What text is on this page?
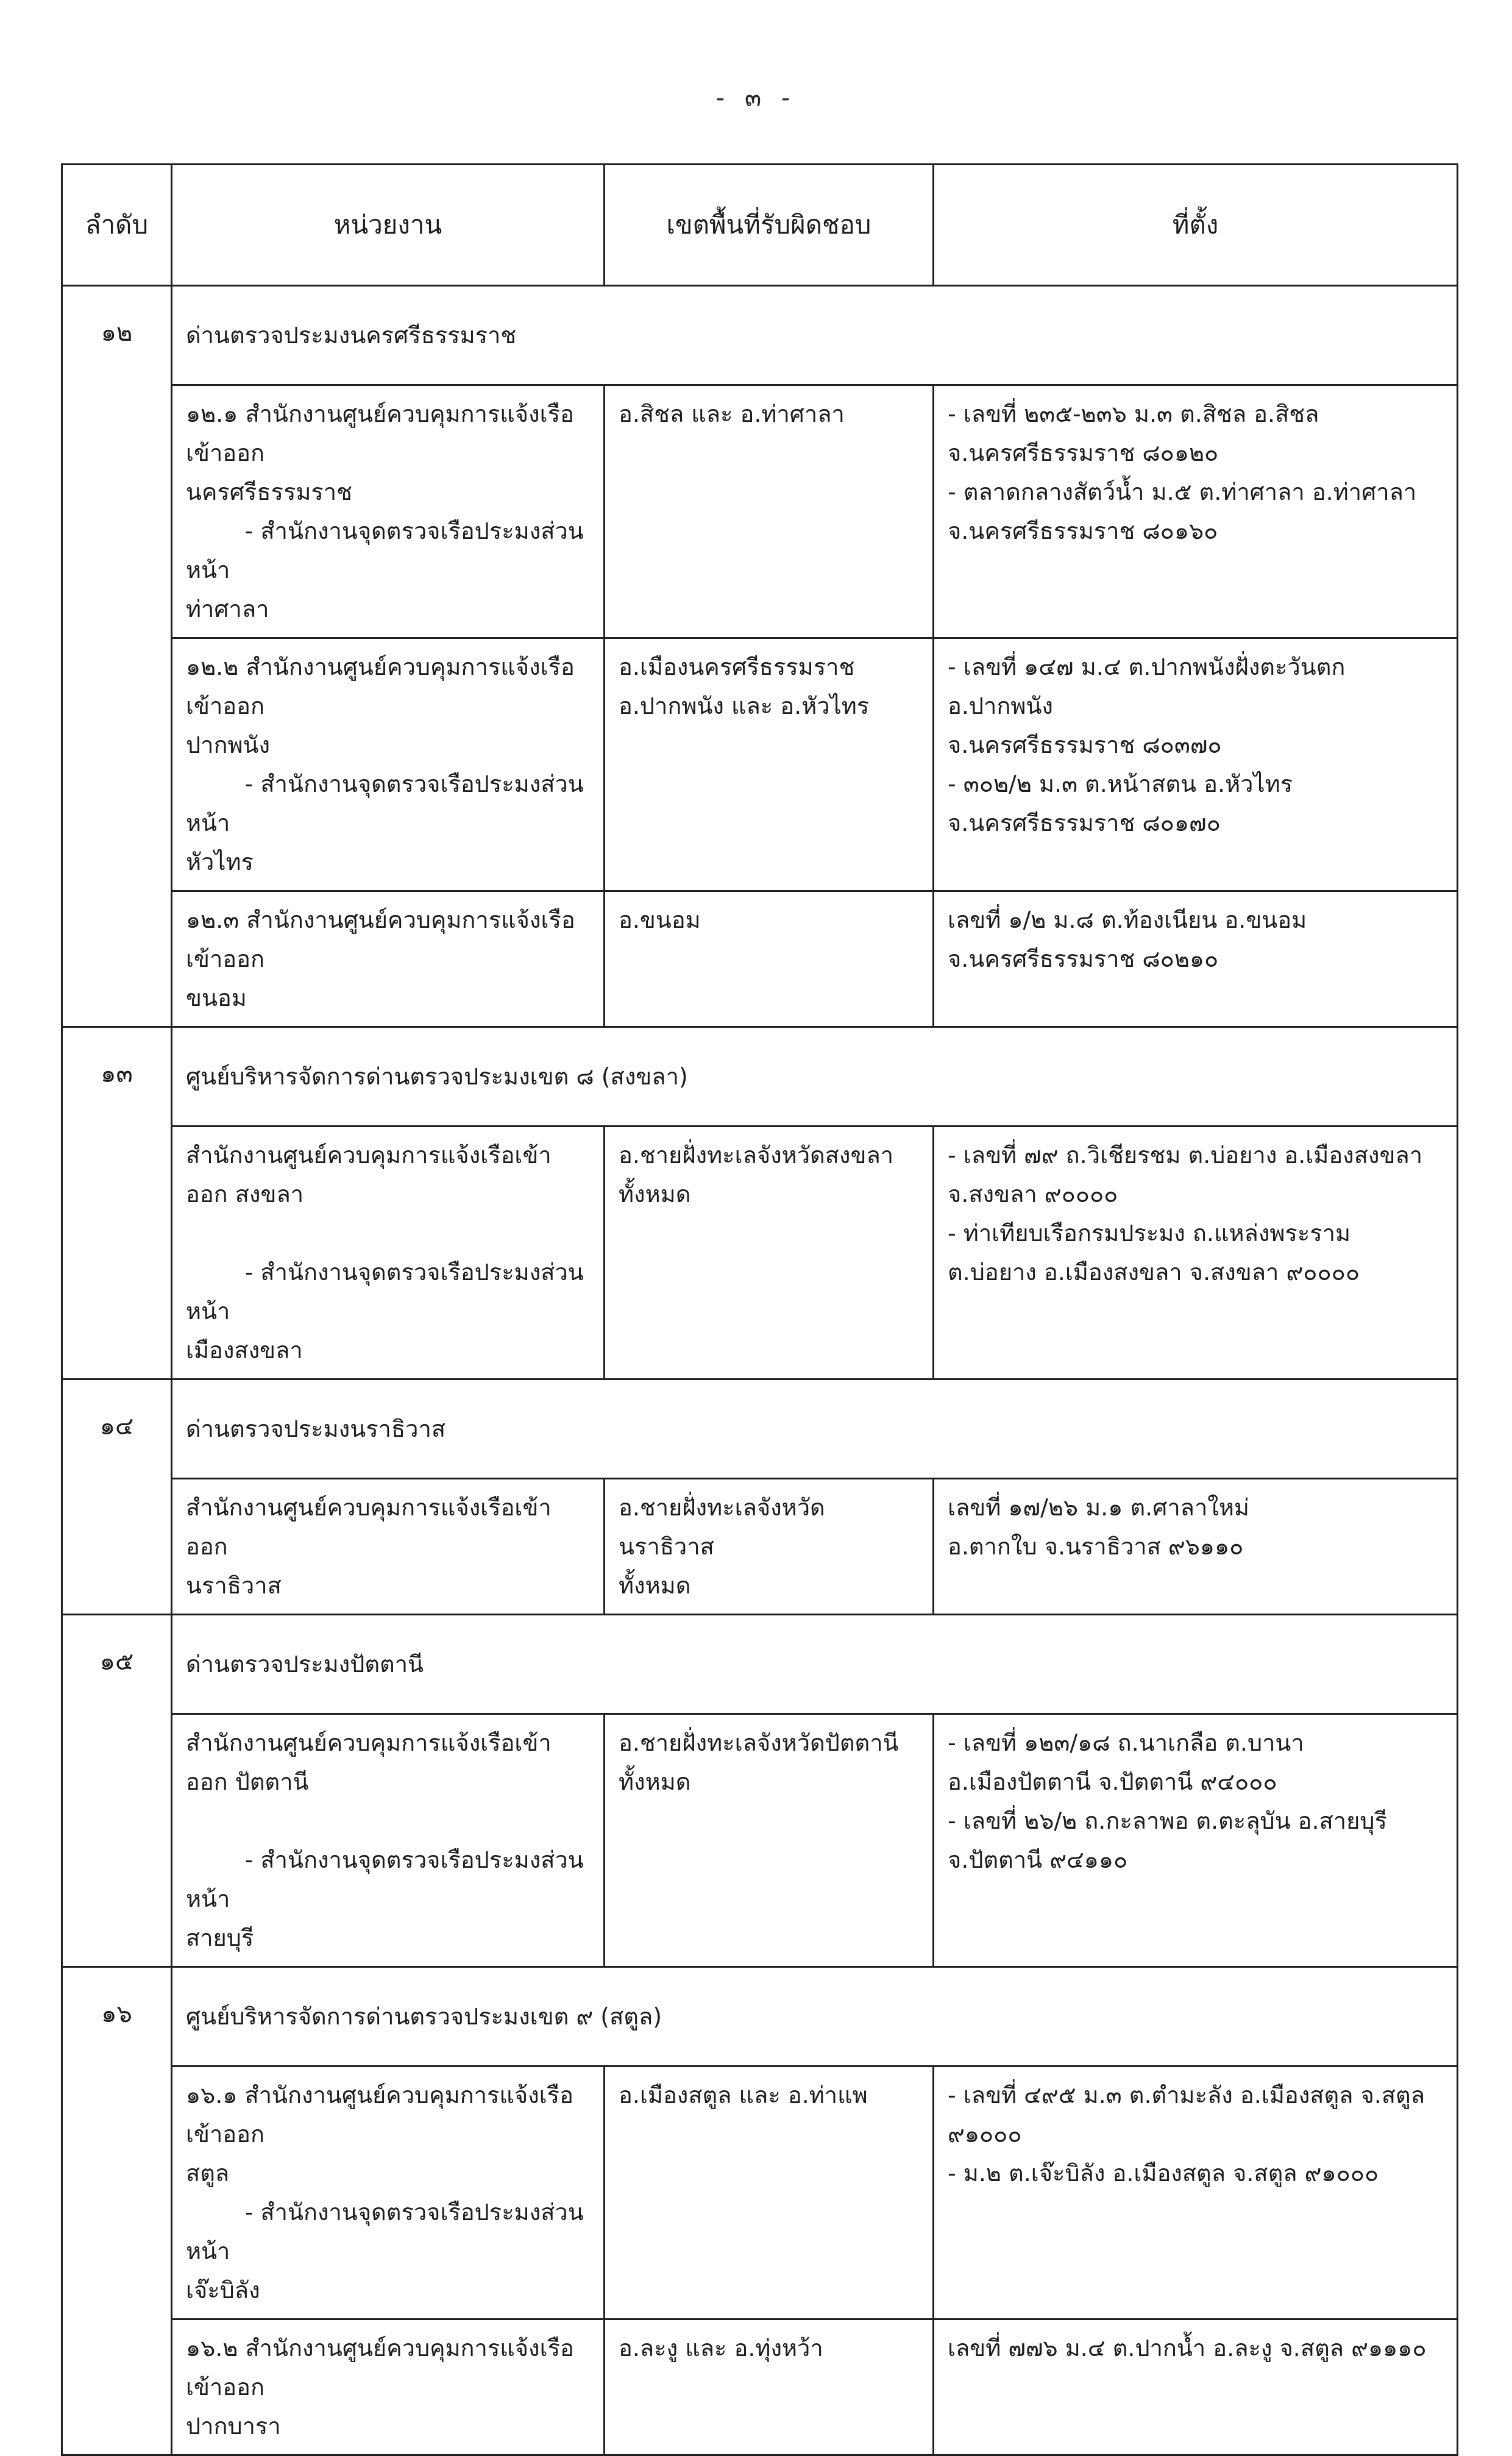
- ๓ -
ลำดับ	หน่วยงาน	เขตพื้นที่รับผิดชอบ	ที่ตั้ง
๑๒	ด่านตรวจประมงนครศรีธรรมราช		
	๑๒.๑ สำนักงานศูนย์ควบคุมการแจ้งเรือเข้าออก
นครศรีธรรมราช
- สำนักงานจุดตรวจเรือประมงส่วนหน้า
ท่าศาลา	อ.สิชล และ อ.ท่าศาลา	- เลขที่ ๒๓๕-๒๓๖ ม.๓ ต.สิชล อ.สิชล
จ.นครศรีธรรมราช ๘๐๑๒๐
- ตลาดกลางสัตว์น้ำ ม.๕ ต.ท่าศาลา อ.ท่าศาลา
จ.นครศรีธรรมราช ๘๐๑๖๐
	๑๒.๒ สำนักงานศูนย์ควบคุมการแจ้งเรือเข้าออก
ปากพนัง
- สำนักงานจุดตรวจเรือประมงส่วนหน้า
หัวไทร	อ.เมืองนครศรีธรรมราช
อ.ปากพนัง และ อ.หัวไทร	- เลขที่ ๑๔๗ ม.๔ ต.ปากพนังฝั่งตะวันตก อ.ปากพนัง
จ.นครศรีธรรมราช ๘๐๓๗๐
- ๓๐๒/๒ ม.๓ ต.หน้าสตน อ.หัวไทร
จ.นครศรีธรรมราช ๘๐๑๗๐
	๑๒.๓ สำนักงานศูนย์ควบคุมการแจ้งเรือเข้าออก
ขนอม	อ.ขนอม	เลขที่ ๑/๒ ม.๘ ต.ท้องเนียน อ.ขนอม
จ.นครศรีธรรมราช ๘๐๒๑๐
๑๓	ศูนย์บริหารจัดการด่านตรวจประมงเขต ๘ (สงขลา)		
	สำนักงานศูนย์ควบคุมการแจ้งเรือเข้าออก สงขลา

- สำนักงานจุดตรวจเรือประมงส่วนหน้า
เมืองสงขลา	อ.ชายฝั่งทะเลจังหวัดสงขลา
ทั้งหมด	- เลขที่ ๗๙ ถ.วิเชียรชม ต.บ่อยาง อ.เมืองสงขลา
จ.สงขลา ๙๐๐๐๐
- ท่าเทียบเรือกรมประมง ถ.แหล่งพระราม
ต.บ่อยาง อ.เมืองสงขลา จ.สงขลา ๙๐๐๐๐
๑๔	ด่านตรวจประมงนราธิวาส		
	สำนักงานศูนย์ควบคุมการแจ้งเรือเข้าออก
นราธิวาส	อ.ชายฝั่งทะเลจังหวัดนราธิวาส
ทั้งหมด	เลขที่ ๑๗/๒๖ ม.๑ ต.ศาลาใหม่
อ.ตากใบ จ.นราธิวาส ๙๖๑๑๐
๑๕	ด่านตรวจประมงปัตตานี		
	สำนักงานศูนย์ควบคุมการแจ้งเรือเข้าออก ปัตตานี

- สำนักงานจุดตรวจเรือประมงส่วนหน้า
สายบุรี	อ.ชายฝั่งทะเลจังหวัดปัตตานี
ทั้งหมด	- เลขที่ ๑๒๓/๑๘ ถ.นาเกลือ ต.บานา
อ.เมืองปัตตานี จ.ปัตตานี ๙๔๐๐๐
- เลขที่ ๒๖/๒ ถ.กะลาพอ ต.ตะลุบัน อ.สายบุรี
จ.ปัตตานี ๙๔๑๑๐
๑๖	ศูนย์บริหารจัดการด่านตรวจประมงเขต ๙ (สตูล)		
	๑๖.๑ สำนักงานศูนย์ควบคุมการแจ้งเรือเข้าออก
สตูล
- สำนักงานจุดตรวจเรือประมงส่วนหน้า
เจ๊ะบิลัง	อ.เมืองสตูล และ อ.ท่าแพ	- เลขที่ ๔๙๕ ม.๓ ต.ตำมะลัง อ.เมืองสตูล จ.สตูล
๙๑๐๐๐
- ม.๒ ต.เจ๊ะบิลัง อ.เมืองสตูล จ.สตูล ๙๑๐๐๐
	๑๖.๒ สำนักงานศูนย์ควบคุมการแจ้งเรือเข้าออก
ปากบารา	อ.ละงู และ อ.ทุ่งหว้า	เลขที่ ๗๗๖ ม.๔ ต.ปากน้ำ อ.ละงู จ.สตูล ๙๑๑๑๐
